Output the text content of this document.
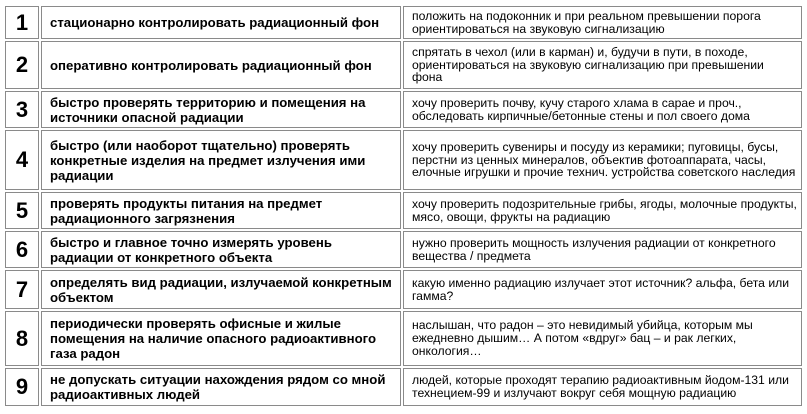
1	стационарно контролировать радиационный фон	положить на подоконник и при реальном превышении порога ориентироваться на звуковую сигнализацию
2	оперативно контролировать радиационный фон	спрятать в чехол (или в карман) и, будучи в пути, в походе, ориентироваться на звуковую сигнализацию при превышении фона
3	быстро проверять территорию и помещения на источники опасной радиации	хочу проверить почву, кучу старого хлама в сарае и проч., обследовать кирпичные/бетонные стены и пол своего дома
4	быстро (или наоборот тщательно) проверять конкретные изделия на предмет излучения ими радиации	хочу проверить сувениры и посуду из керамики; пуговицы, бусы, перстни из ценных минералов, объектив фотоаппарата, часы, елочные игрушки и прочие технич. устройства советского наследия
5	проверять продукты питания на предмет радиационного загрязнения	хочу проверить подозрительные грибы, ягоды, молочные продукты, мясо, овощи, фрукты на радиацию
6	быстро и главное точно измерять уровень радиации от конкретного объекта	нужно проверить мощность излучения радиации от конкретного вещества / предмета
7	определять вид радиации, излучаемой конкретным объектом	какую именно радиацию излучает этот источник? альфа, бета или гамма?
8	периодически проверять офисные и жилые помещения на наличие опасного радиоактивного газа радон	наслышан, что радон – это невидимый убийца, которым мы ежедневно дышим… А потом «вдруг» бац – и рак легких, онкология…
9	не допускать ситуации нахождения рядом со мной радиоактивных людей	людей, которые проходят терапию радиоактивным йодом-131 или технецием-99 и излучают вокруг себя мощную радиацию
